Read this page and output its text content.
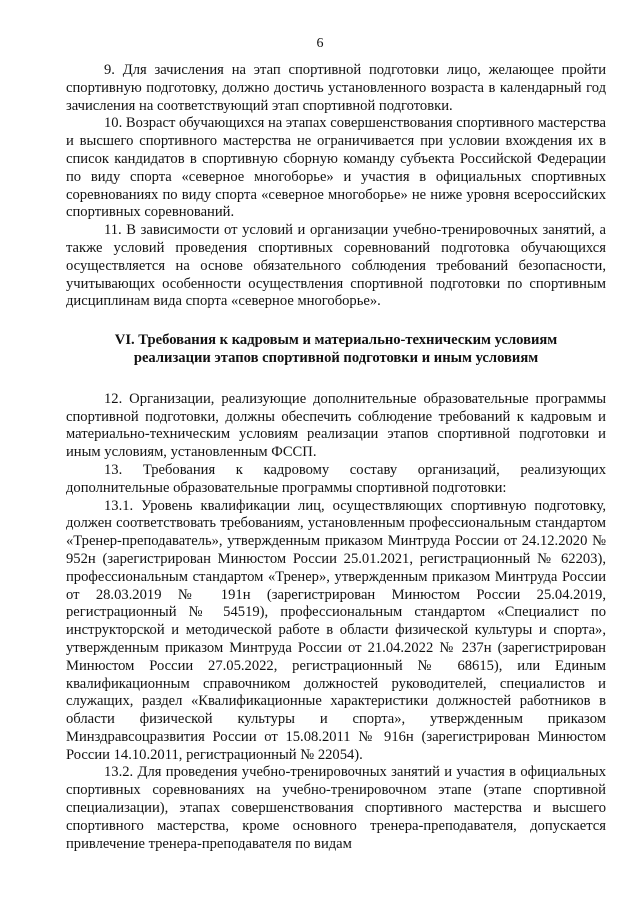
6

9. Для зачисления на этап спортивной подготовки лицо, желающее пройти спортивную подготовку, должно достичь установленного возраста в календарный год зачисления на соответствующий этап спортивной подготовки.

10. Возраст обучающихся на этапах совершенствования спортивного мастерства и высшего спортивного мастерства не ограничивается при условии вхождения их в список кандидатов в спортивную сборную команду субъекта Российской Федерации по виду спорта «северное многоборье» и участия в официальных спортивных соревнованиях по виду спорта «северное многоборье» не ниже уровня всероссийских спортивных соревнований.

11. В зависимости от условий и организации учебно-тренировочных занятий, а также условий проведения спортивных соревнований подготовка обучающихся осуществляется на основе обязательного соблюдения требований безопасности, учитывающих особенности осуществления спортивной подготовки по спортивным дисциплинам вида спорта «северное многоборье».

VI. Требования к кадровым и материально-техническим условиям
реализации этапов спортивной подготовки и иным условиям

12. Организации, реализующие дополнительные образовательные программы спортивной подготовки, должны обеспечить соблюдение требований к кадровым и материально-техническим условиям реализации этапов спортивной подготовки и иным условиям, установленным ФССП.

13. Требования к кадровому составу организаций, реализующих дополнительные образовательные программы спортивной подготовки:

13.1. Уровень квалификации лиц, осуществляющих спортивную подготовку, должен соответствовать требованиям, установленным профессиональным стандартом «Тренер-преподаватель», утвержденным приказом Минтруда России от 24.12.2020 № 952н (зарегистрирован Минюстом России 25.01.2021, регистрационный № 62203), профессиональным стандартом «Тренер», утвержденным приказом Минтруда России от 28.03.2019 № 191н (зарегистрирован Минюстом России 25.04.2019, регистрационный № 54519), профессиональным стандартом «Специалист по инструкторской и методической работе в области физической культуры и спорта», утвержденным приказом Минтруда России от 21.04.2022 № 237н (зарегистрирован Минюстом России 27.05.2022, регистрационный № 68615), или Единым квалификационным справочником должностей руководителей, специалистов и служащих, раздел «Квалификационные характеристики должностей работников в области физической культуры и спорта», утвержденным приказом Минздравсоцразвития России от 15.08.2011 № 916н (зарегистрирован Минюстом России 14.10.2011, регистрационный № 22054).

13.2. Для проведения учебно-тренировочных занятий и участия в официальных спортивных соревнованиях на учебно-тренировочном этапе (этапе спортивной специализации), этапах совершенствования спортивного мастерства и высшего спортивного мастерства, кроме основного тренера-преподавателя, допускается привлечение тренера-преподавателя по видам
